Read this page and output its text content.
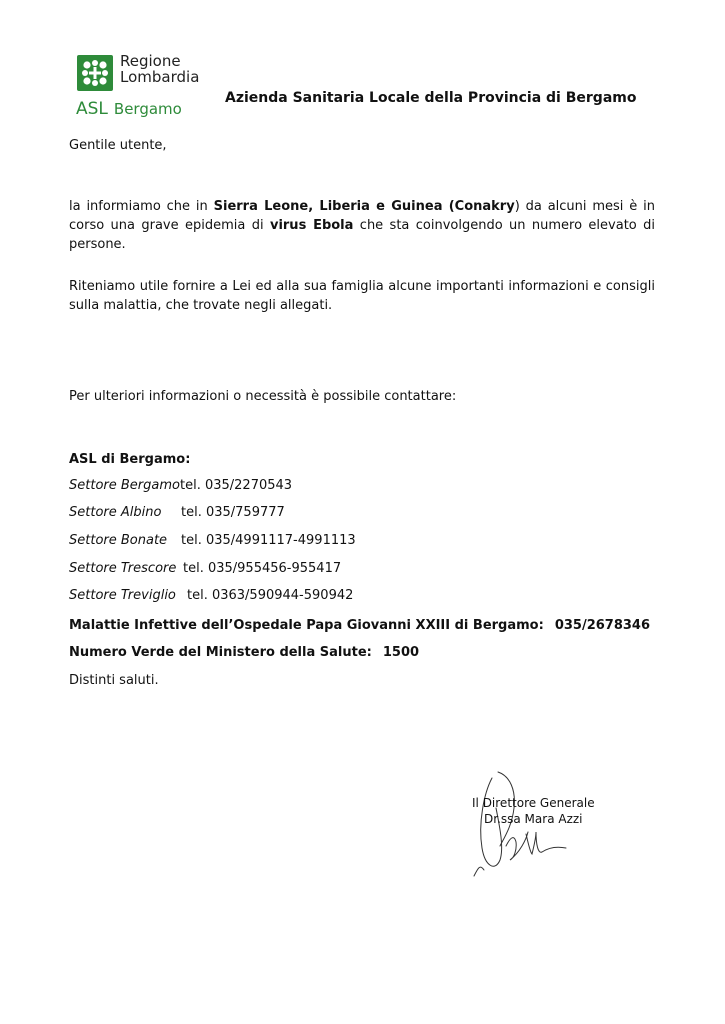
Regione
Lombardia
ASL Bergamo
Azienda Sanitaria Locale della Provincia di Bergamo
Gentile utente,
la informiamo che in Sierra Leone, Liberia e Guinea (Conakry) da alcuni mesi è in corso una grave epidemia di virus Ebola che sta coinvolgendo un numero elevato di persone.
Riteniamo utile fornire a Lei ed alla sua famiglia alcune importanti informazioni e consigli sulla malattia, che trovate negli allegati.
Per ulteriori informazioni o necessità è possibile contattare:
ASL di Bergamo:
Settore Bergamo tel. 035/2270543
Settore Albino tel. 035/759777
Settore Bonate tel. 035/4991117-4991113
Settore Trescore tel. 035/955456-955417
Settore Treviglio tel. 0363/590944-590942
Malattie Infettive dell’Ospedale Papa Giovanni XXIII di Bergamo: 035/2678346
Numero Verde del Ministero della Salute: 1500
Distinti saluti.
Il Direttore Generale
Dr.ssa Mara Azzi
